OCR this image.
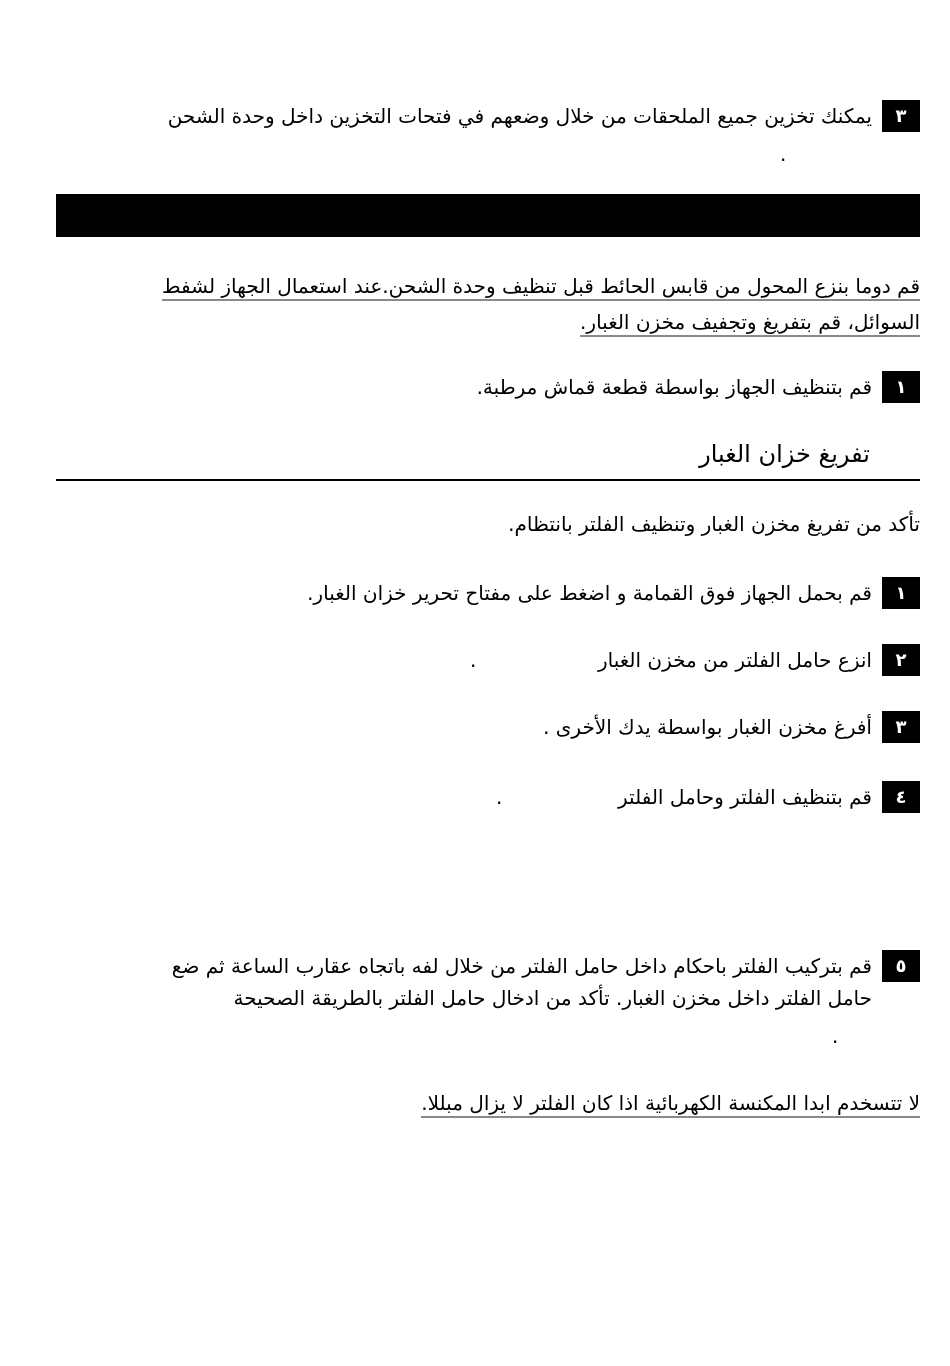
٣
يمكنك تخزين جميع الملحقات من خلال وضعهم في فتحات التخزين داخل وحدة الشحن
.
قم دوما بنزع المحول من قابس الحائط قبل تنظيف وحدة الشحن.عند استعمال الجهاز لشفط
السوائل، قم بتفريغ وتجفيف مخزن الغبار.
١
قم بتنظيف الجهاز بواسطة قطعة قماش مرطبة.
تفريغ خزان الغبار
تأكد من تفريغ مخزن الغبار وتنظيف الفلتر بانتظام.
١
قم بحمل الجهاز فوق القمامة و اضغط على مفتاح تحرير خزان الغبار.
٢
انزع حامل الفلتر من مخزن الغبار
.
٣
أفرغ مخزن الغبار بواسطة يدك الأخرى .
٤
قم بتنظيف الفلتر وحامل الفلتر
.
٥
قم بتركيب الفلتر باحكام داخل حامل الفلتر من خلال لفه باتجاه عقارب الساعة ثم ضع
حامل الفلتر داخل مخزن الغبار. تأكد من ادخال حامل الفلتر بالطريقة الصحيحة
.
لا تتسخدم ابدا المكنسة الكهربائية اذا كان الفلتر لا يزال مبللا.
